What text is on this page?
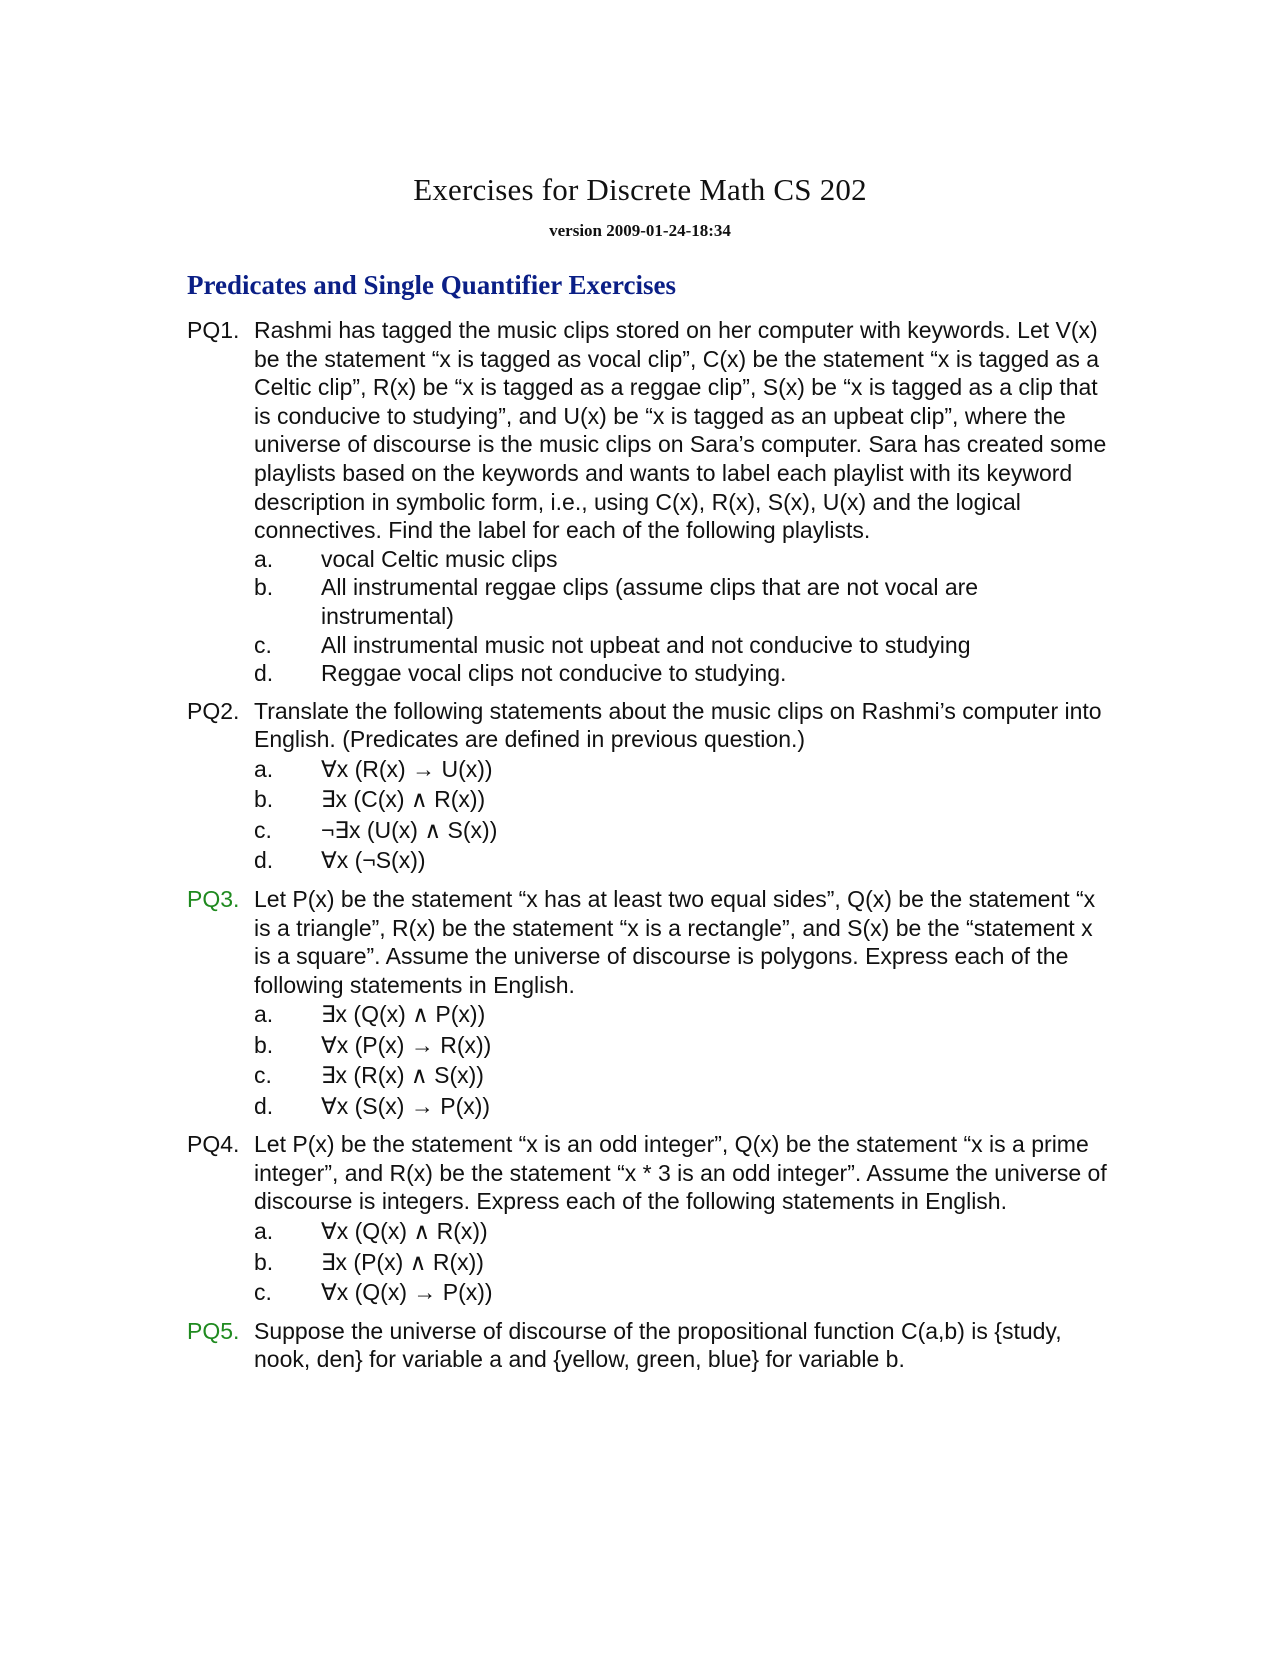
Exercises for Discrete Math CS 202
version 2009-01-24-18:34
Predicates and Single Quantifier Exercises
PQ1. Rashmi has tagged the music clips stored on her computer with keywords. Let V(x) be the statement “x is tagged as vocal clip”, C(x) be the statement “x is tagged as a Celtic clip”, R(x) be “x is tagged as a reggae clip”, S(x) be “x is tagged as a clip that is conducive to studying”, and U(x) be “x is tagged as an upbeat clip”, where the universe of discourse is the music clips on Sara’s computer. Sara has created some playlists based on the keywords and wants to label each playlist with its keyword description in symbolic form, i.e., using C(x), R(x), S(x), U(x) and the logical connectives. Find the label for each of the following playlists.
a.	vocal Celtic music clips
b.	All instrumental reggae clips (assume clips that are not vocal are instrumental)
c.	All instrumental music not upbeat and not conducive to studying
d.	Reggae vocal clips not conducive to studying.
PQ2. Translate the following statements about the music clips on Rashmi’s computer into English. (Predicates are defined in previous question.)
a.	∀x (R(x) → U(x))
b.	∃x (C(x) ∧ R(x))
c.	¬∃x (U(x) ∧ S(x))
d.	∀x (¬S(x))
PQ3. Let P(x) be the statement “x has at least two equal sides”, Q(x) be the statement “x is a triangle”, R(x) be the statement “x is a rectangle”, and S(x) be the “statement x is a square”. Assume the universe of discourse is polygons. Express each of the following statements in English.
a.	∃x (Q(x) ∧ P(x))
b.	∀x (P(x) → R(x))
c.	∃x (R(x) ∧ S(x))
d.	∀x (S(x) → P(x))
PQ4. Let P(x) be the statement “x is an odd integer”, Q(x) be the statement “x is a prime integer”, and R(x) be the statement “x * 3 is an odd integer”. Assume the universe of discourse is integers. Express each of the following statements in English.
a.	∀x (Q(x) ∧ R(x))
b.	∃x (P(x) ∧ R(x))
c.	∀x (Q(x) → P(x))
PQ5. Suppose the universe of discourse of the propositional function C(a,b) is {study, nook, den} for variable a and {yellow, green, blue} for variable b.
